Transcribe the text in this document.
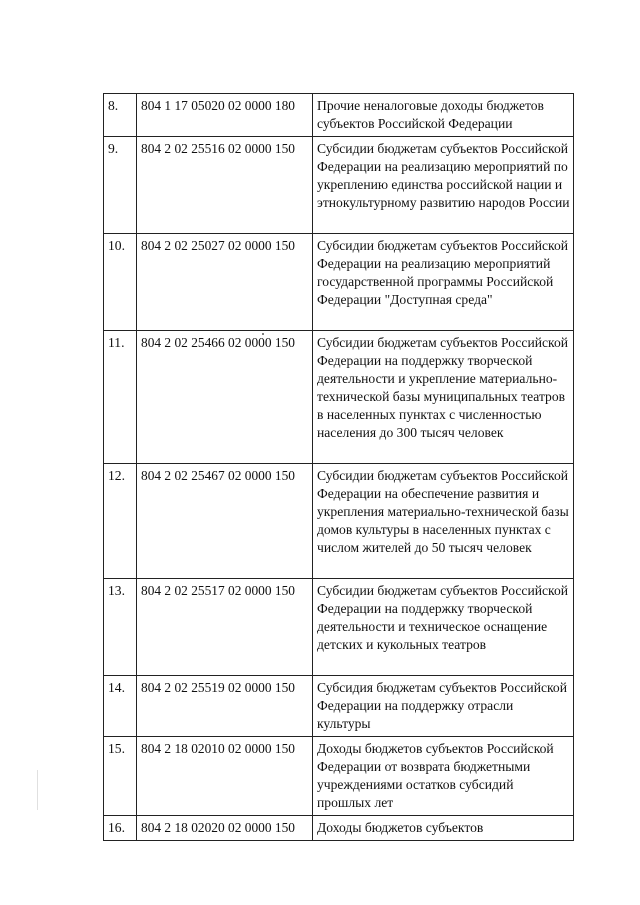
8.	804 1 17 05020 02 0000 180	Прочие неналоговые доходы бюджетов субъектов Российской Федерации
9.	804 2 02 25516 02 0000 150	Субсидии бюджетам субъектов Российской Федерации на реализацию мероприятий по укреплению единства российской нации и этнокультурному развитию народов России
10.	804 2 02 25027 02 0000 150	Субсидии бюджетам субъектов Российской Федерации на реализацию мероприятий государственной программы Российской Федерации "Доступная среда"
11.	804 2 02 25466 02 0000 150	Субсидии бюджетам субъектов Российской Федерации на поддержку творческой деятельности и укрепление материально-технической базы муниципальных театров в населенных пунктах с численностью населения до 300 тысяч человек
12.	804 2 02 25467 02 0000 150	Субсидии бюджетам субъектов Российской Федерации на обеспечение развития и укрепления материально-технической базы домов культуры в населенных пунктах с числом жителей до 50 тысяч человек
13.	804 2 02 25517 02 0000 150	Субсидии бюджетам субъектов Российской Федерации на поддержку творческой деятельности и техническое оснащение детских и кукольных театров
14.	804 2 02 25519 02 0000 150	Субсидия бюджетам субъектов Российской Федерации на поддержку отрасли культуры
15.	804 2 18 02010 02 0000 150	Доходы бюджетов субъектов Российской Федерации от возврата бюджетными учреждениями остатков субсидий прошлых лет
16.	804 2 18 02020 02 0000 150	Доходы бюджетов субъектов
